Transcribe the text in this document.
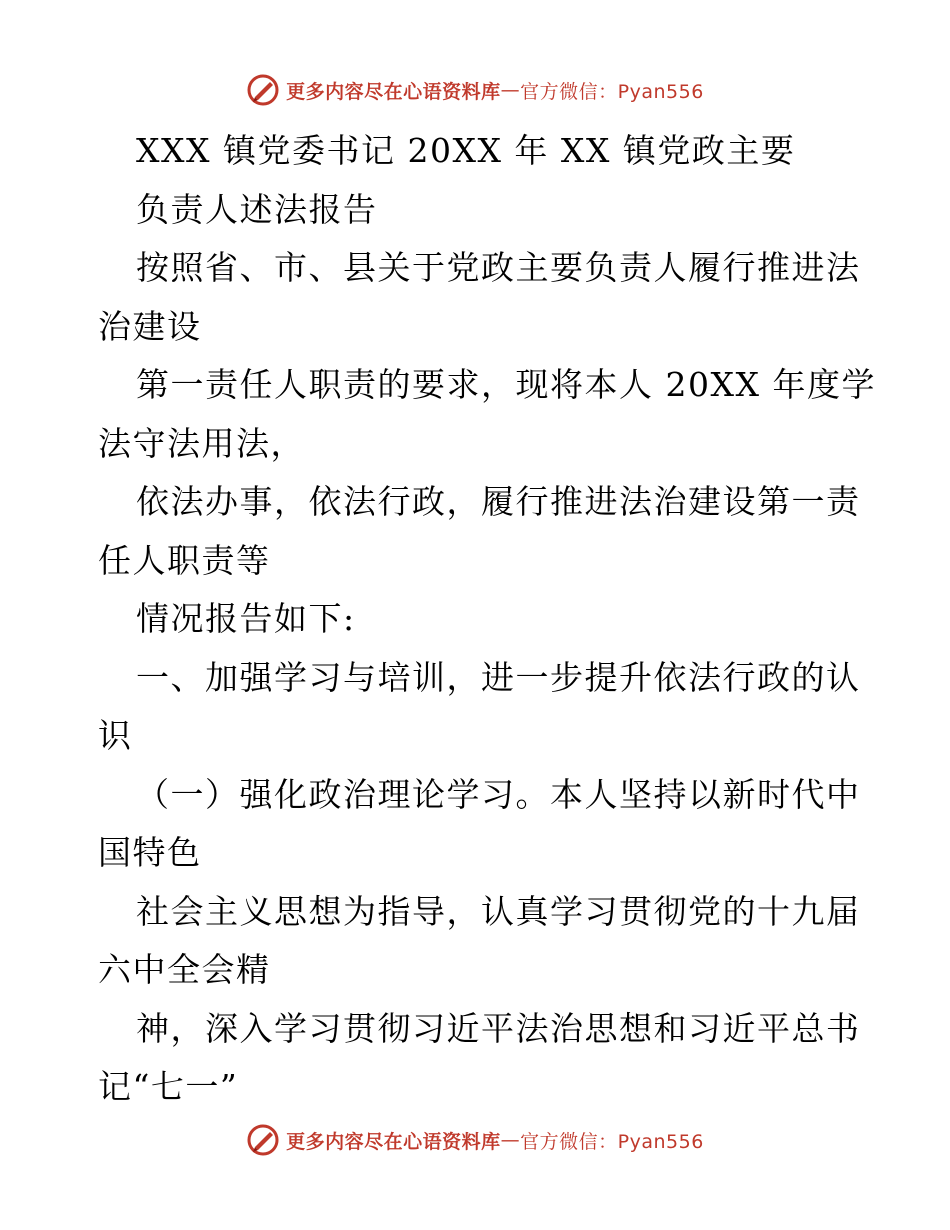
更多内容尽在心语资料库 — 官方微信：Pyan556
XXX 镇党委书记 20XX 年 XX 镇党政主要
负责人述法报告
按照省、市、县关于党政主要负责人履行推进法
治建设
第一责任人职责的要求，现将本人 20XX 年度学
法守法用法，
依法办事，依法行政，履行推进法治建设第一责
任人职责等
情况报告如下:
一、加强学习与培训，进一步提升依法行政的认
识
（一）强化政治理论学习。本人坚持以新时代中
国特色
社会主义思想为指导，认真学习贯彻党的十九届
六中全会精
神，深入学习贯彻习近平法治思想和习近平总书
记“七一”
更多内容尽在心语资料库 — 官方微信：Pyan556
